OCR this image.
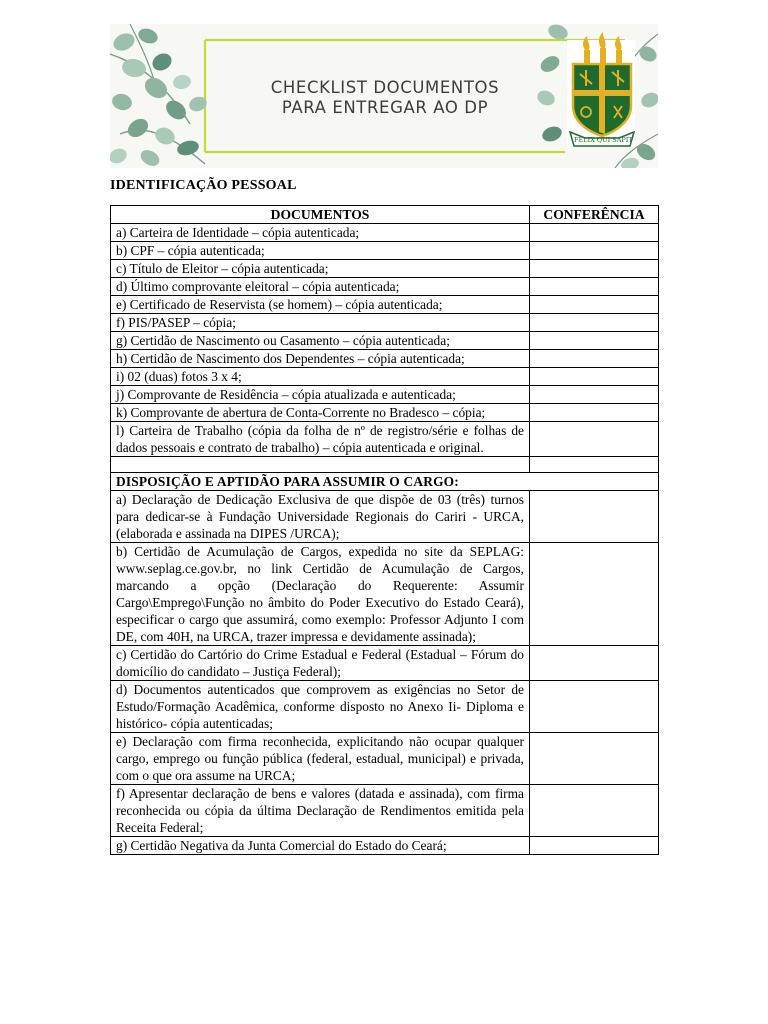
CHECKLIST DOCUMENTOS
PARA ENTREGAR AO DP
FELIX QUI SAPIT
IDENTIFICAÇÃO PESSOAL
DOCUMENTOS	CONFERÊNCIA
a) Carteira de Identidade – cópia autenticada;	
b) CPF – cópia autenticada;	
c) Título de Eleitor – cópia autenticada;	
d) Último comprovante eleitoral – cópia autenticada;	
e) Certificado de Reservista (se homem) – cópia autenticada;	
f) PIS/PASEP – cópia;	
g) Certidão de Nascimento ou Casamento – cópia autenticada;	
h) Certidão de Nascimento dos Dependentes – cópia autenticada;	
i) 02 (duas) fotos 3 x 4;	
j) Comprovante de Residência – cópia atualizada e autenticada;	
k) Comprovante de abertura de Conta-Corrente no Bradesco – cópia;	
l) Carteira de Trabalho (cópia da folha de nº de registro/série e folhas de dados pessoais e contrato de trabalho) – cópia autenticada e original.	

DISPOSIÇÃO E APTIDÃO PARA ASSUMIR O CARGO:	
a) Declaração de Dedicação Exclusiva de que dispõe de 03 (três) turnos para dedicar-se à Fundação Universidade Regionais do Cariri - URCA, (elaborada e assinada na DIPES /URCA);	
b) Certidão de Acumulação de Cargos, expedida no site da SEPLAG: www.seplag.ce.gov.br, no link Certidão de Acumulação de Cargos, marcando a opção (Declaração do Requerente: Assumir Cargo\Emprego\Função no âmbito do Poder Executivo do Estado Ceará), especificar o cargo que assumirá, como exemplo: Professor Adjunto I com DE, com 40H, na URCA, trazer impressa e devidamente assinada);	
c) Certidão do Cartório do Crime Estadual e Federal (Estadual – Fórum do domicílio do candidato – Justiça Federal);	
d) Documentos autenticados que comprovem as exigências no Setor de Estudo/Formação Acadêmica, conforme disposto no Anexo Ii- Diploma e histórico- cópia autenticadas;	
e) Declaração com firma reconhecida, explicitando não ocupar qualquer cargo, emprego ou função pública (federal, estadual, municipal) e privada, com o que ora assume na URCA;	
f) Apresentar declaração de bens e valores (datada e assinada), com firma reconhecida ou cópia da última Declaração de Rendimentos emitida pela Receita Federal;	
g) Certidão Negativa da Junta Comercial do Estado do Ceará;	
